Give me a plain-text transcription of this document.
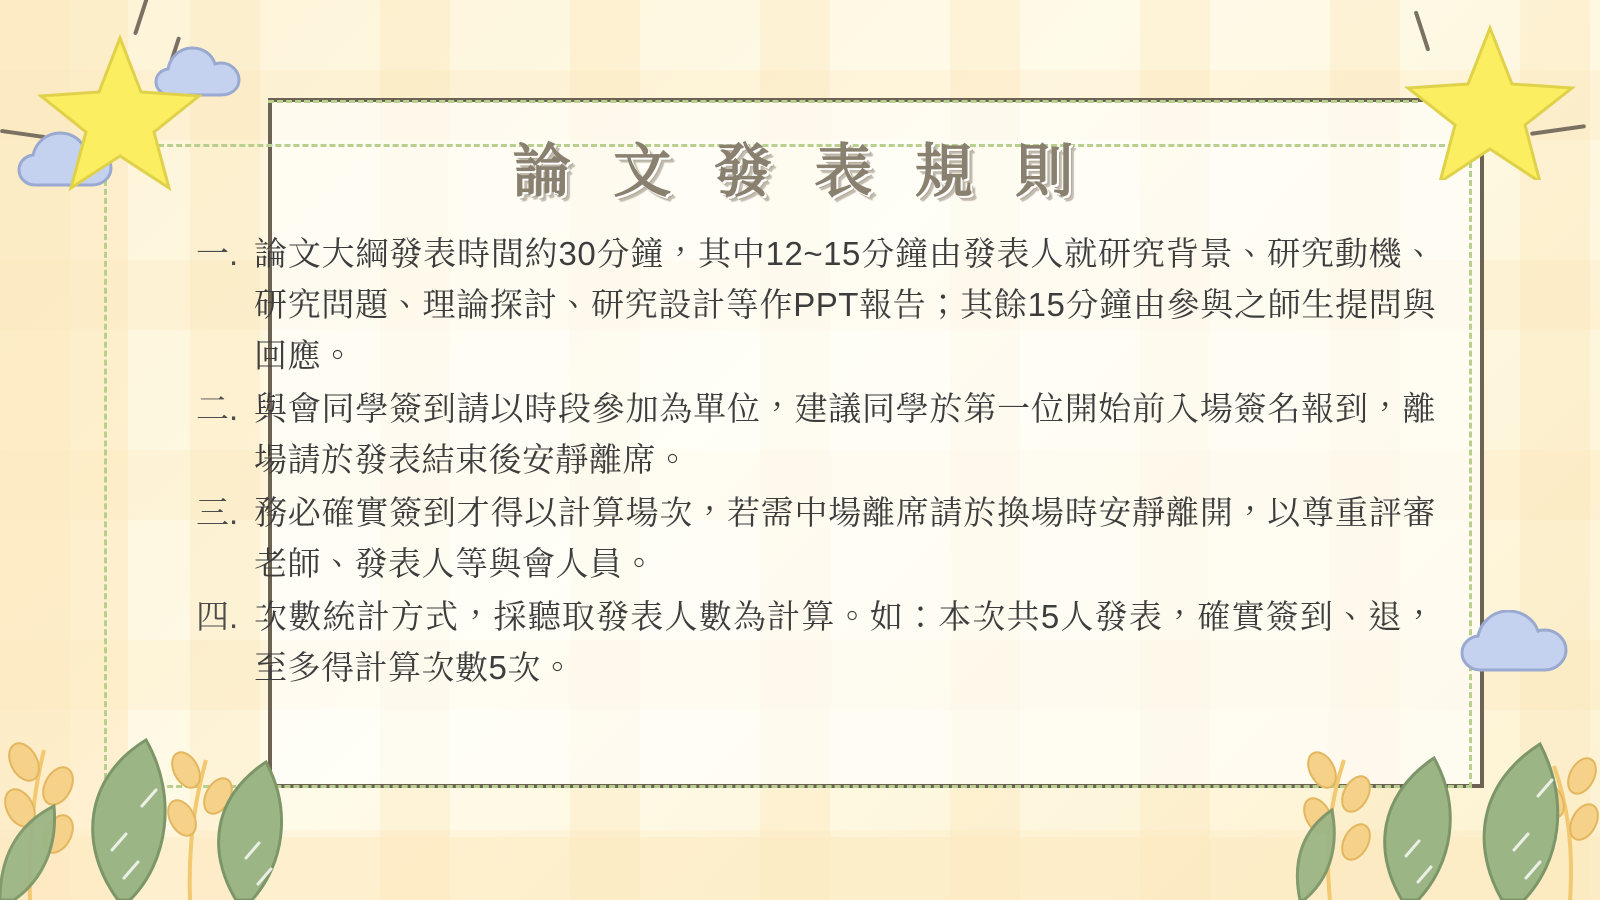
論 文 發 表 規 則
一. 論文大綱發表時間約30分鐘，其中12~15分鐘由發表人就研究背景、研究動機、研究問題、理論探討、研究設計等作PPT報告；其餘15分鐘由參與之師生提問與回應。
二. 與會同學簽到請以時段參加為單位，建議同學於第一位開始前入場簽名報到，離場請於發表結束後安靜離席。
三. 務必確實簽到才得以計算場次，若需中場離席請於換場時安靜離開，以尊重評審老師、發表人等與會人員。
四. 次數統計方式，採聽取發表人數為計算。如：本次共5人發表，確實簽到、退，至多得計算次數5次。
